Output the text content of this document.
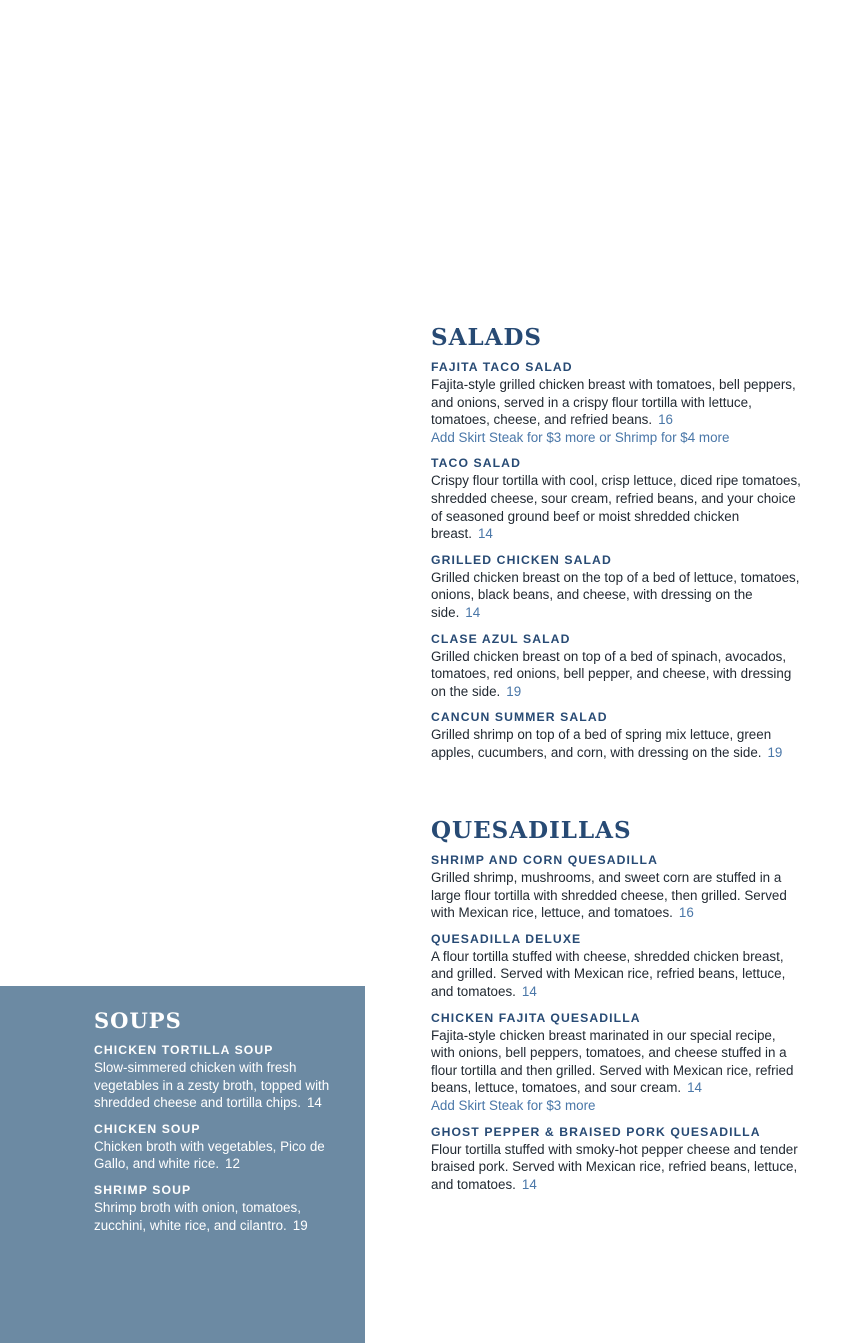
SALADS
FAJITA TACO SALAD
Fajita-style grilled chicken breast with tomatoes, bell peppers, and onions, served in a crispy flour tortilla with lettuce, tomatoes, cheese, and refried beans. 16
Add Skirt Steak for $3 more or Shrimp for $4 more
TACO SALAD
Crispy flour tortilla with cool, crisp lettuce, diced ripe tomatoes, shredded cheese, sour cream, refried beans, and your choice of seasoned ground beef or moist shredded chicken breast. 14
GRILLED CHICKEN SALAD
Grilled chicken breast on the top of a bed of lettuce, tomatoes, onions, black beans, and cheese, with dressing on the side. 14
CLASE AZUL SALAD
Grilled chicken breast on top of a bed of spinach, avocados, tomatoes, red onions, bell pepper, and cheese, with dressing on the side. 19
CANCUN SUMMER SALAD
Grilled shrimp on top of a bed of spring mix lettuce, green apples, cucumbers, and corn, with dressing on the side. 19
QUESADILLAS
SHRIMP AND CORN QUESADILLA
Grilled shrimp, mushrooms, and sweet corn are stuffed in a large flour tortilla with shredded cheese, then grilled. Served with Mexican rice, lettuce, and tomatoes. 16
QUESADILLA DELUXE
A flour tortilla stuffed with cheese, shredded chicken breast, and grilled. Served with Mexican rice, refried beans, lettuce, and tomatoes. 14
CHICKEN FAJITA QUESADILLA
Fajita-style chicken breast marinated in our special recipe, with onions, bell peppers, tomatoes, and cheese stuffed in a flour tortilla and then grilled. Served with Mexican rice, refried beans, lettuce, tomatoes, and sour cream. 14
Add Skirt Steak for $3 more
GHOST PEPPER & BRAISED PORK QUESADILLA
Flour tortilla stuffed with smoky-hot pepper cheese and tender braised pork. Served with Mexican rice, refried beans, lettuce, and tomatoes. 14
SOUPS
CHICKEN TORTILLA SOUP
Slow-simmered chicken with fresh vegetables in a zesty broth, topped with shredded cheese and tortilla chips. 14
CHICKEN SOUP
Chicken broth with vegetables, Pico de Gallo, and white rice. 12
SHRIMP SOUP
Shrimp broth with onion, tomatoes, zucchini, white rice, and cilantro. 19
